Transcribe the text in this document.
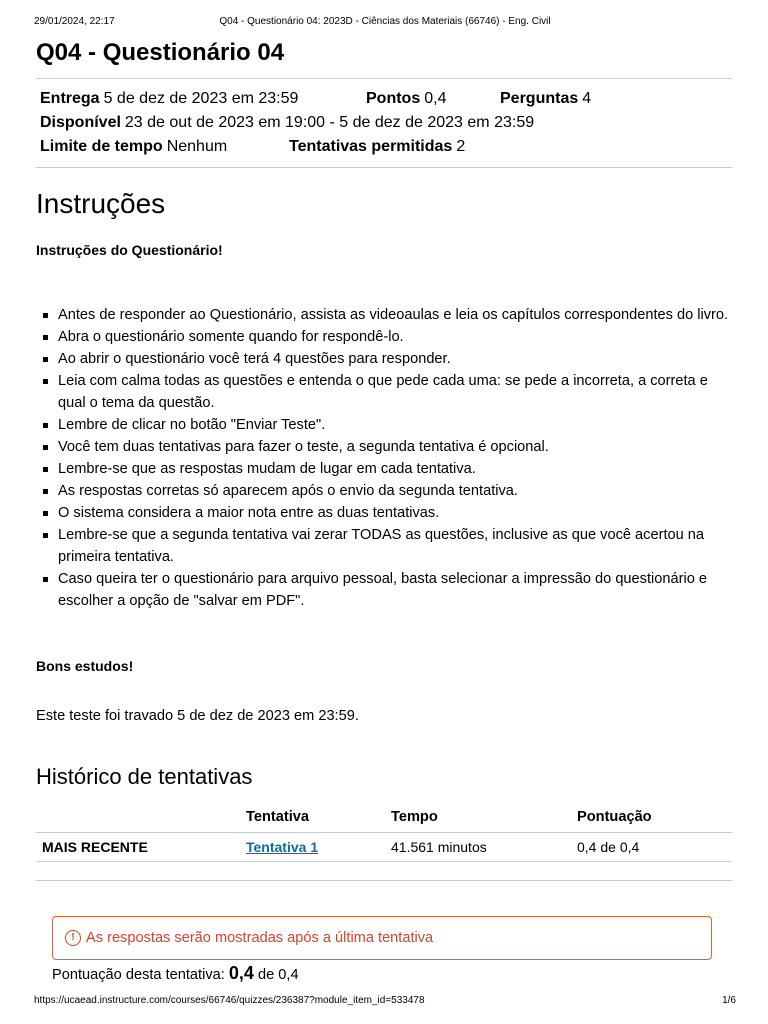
29/01/2024, 22:17	Q04 - Questionário 04: 2023D - Ciências dos Materiais (66746) - Eng. Civil
Q04 - Questionário 04
Entrega 5 de dez de 2023 em 23:59	Pontos 0,4	Perguntas 4
Disponível 23 de out de 2023 em 19:00 - 5 de dez de 2023 em 23:59
Limite de tempo Nenhum	Tentativas permitidas 2
Instruções
Instruções do Questionário!
Antes de responder ao Questionário, assista as videoaulas e leia os capítulos correspondentes do livro.
Abra o questionário somente quando for respondê-lo.
Ao abrir o questionário você terá 4 questões para responder.
Leia com calma todas as questões e entenda o que pede cada uma: se pede a incorreta, a correta e qual o tema da questão.
Lembre de clicar no botão "Enviar Teste".
Você tem duas tentativas para fazer o teste, a segunda tentativa é opcional.
Lembre-se que as respostas mudam de lugar em cada tentativa.
As respostas corretas só aparecem após o envio da segunda tentativa.
O sistema considera a maior nota entre as duas tentativas.
Lembre-se que a segunda tentativa vai zerar TODAS as questões, inclusive as que você acertou na primeira tentativa.
Caso queira ter o questionário para arquivo pessoal, basta selecionar a impressão do questionário e escolher a opção de "salvar em PDF".
Bons estudos!
Este teste foi travado 5 de dez de 2023 em 23:59.
Histórico de tentativas
	Tentativa	Tempo	Pontuação
MAIS RECENTE	Tentativa 1	41.561 minutos	0,4 de 0,4
! As respostas serão mostradas após a última tentativa
Pontuação desta tentativa: 0,4 de 0,4
https://ucaead.instructure.com/courses/66746/quizzes/236387?module_item_id=533478	1/6
